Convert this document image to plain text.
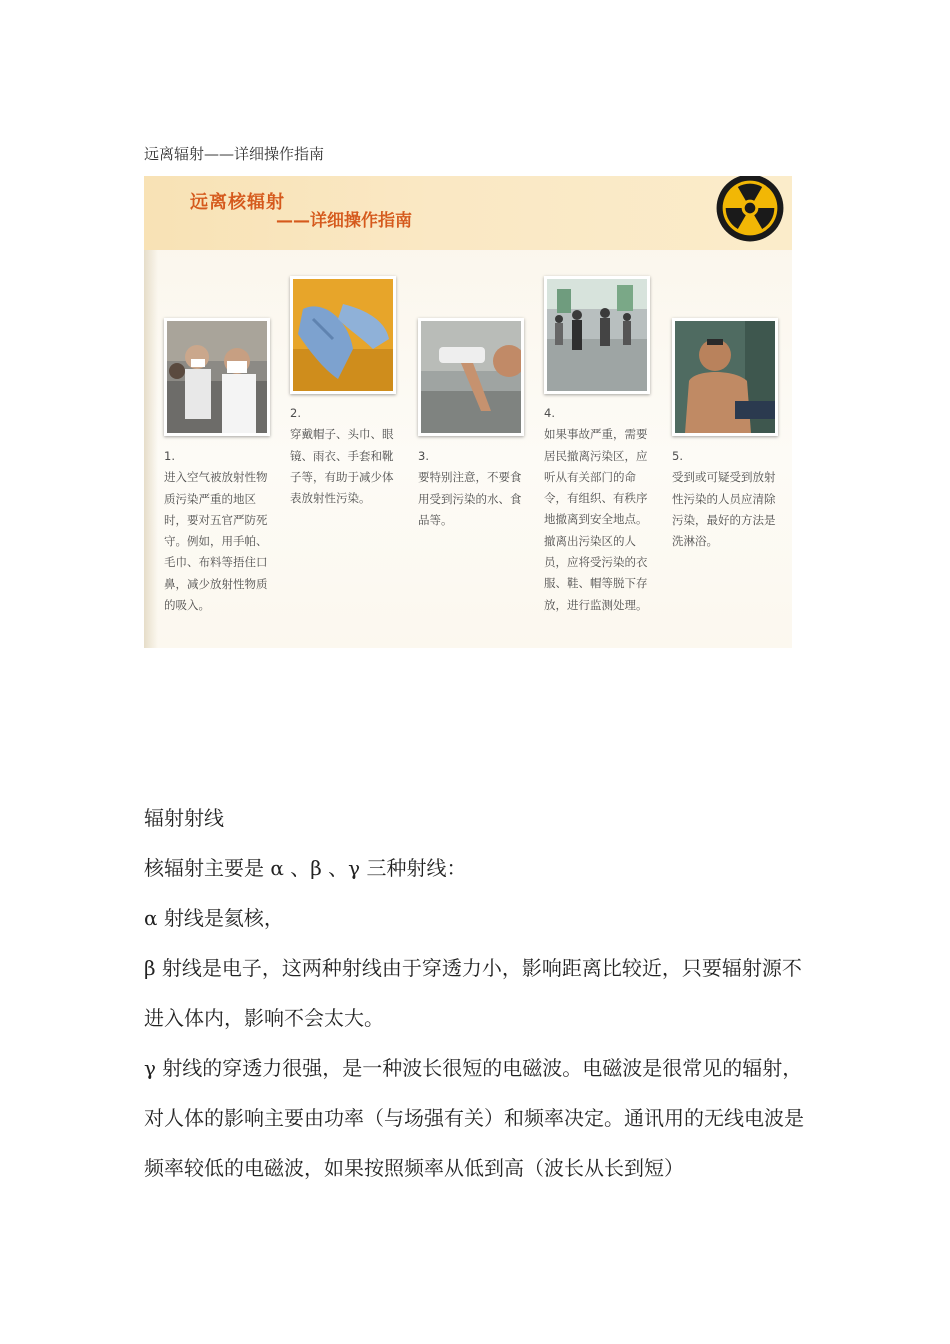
远离辐射——详细操作指南

远离核辐射
——详细操作指南

1.
进入空气被放射性物质污染严重的地区时，要对五官严防死守。例如，用手帕、毛巾、布料等捂住口鼻，减少放射性物质的吸入。

2.
穿戴帽子、头巾、眼镜、雨衣、手套和靴子等，有助于减少体表放射性污染。

3.
要特别注意，不要食用受到污染的水、食品等。

4.
如果事故严重，需要居民撤离污染区，应听从有关部门的命令，有组织、有秩序地撤离到安全地点。撤离出污染区的人员，应将受污染的衣服、鞋、帽等脱下存放，进行监测处理。

5.
受到或可疑受到放射性污染的人员应清除污染，最好的方法是洗淋浴。

辐射射线

核辐射主要是 α 、β 、γ 三种射线：

α 射线是氦核，

β 射线是电子，这两种射线由于穿透力小，影响距离比较近，只要辐射源不进入体内，影响不会太大。

γ 射线的穿透力很强，是一种波长很短的电磁波。电磁波是很常见的辐射，对人体的影响主要由功率（与场强有关）和频率决定。通讯用的无线电波是频率较低的电磁波，如果按照频率从低到高（波长从长到短）
